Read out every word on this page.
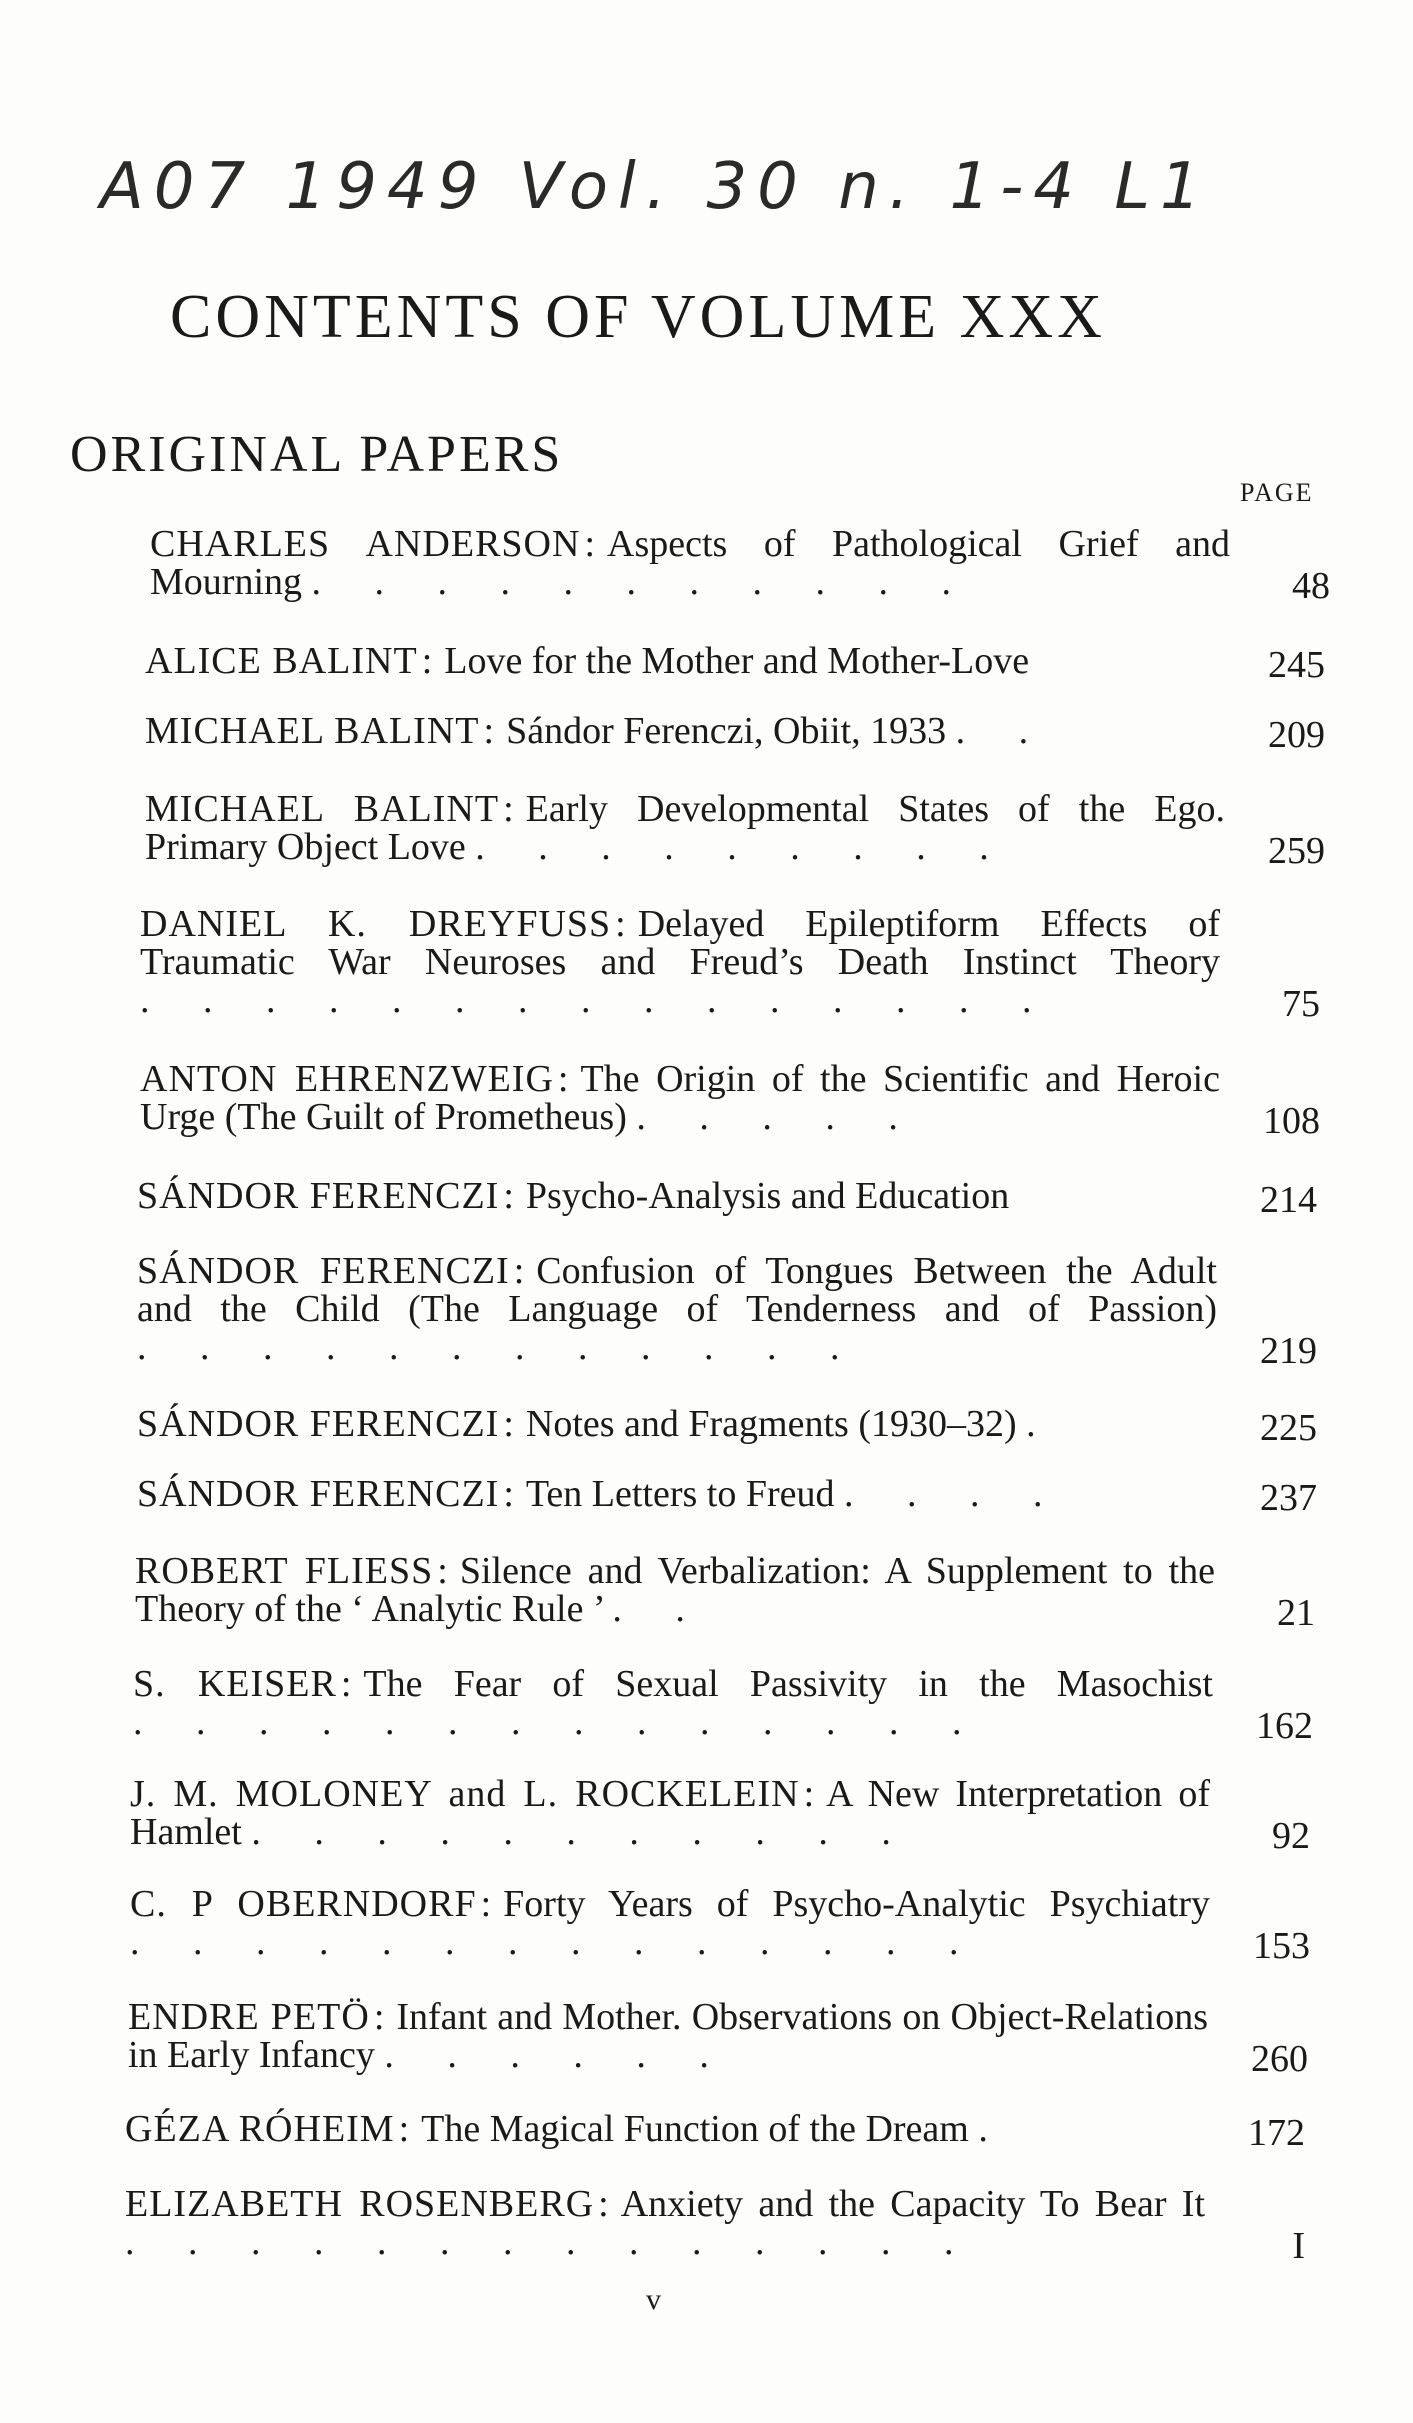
A07 1949 Vol. 30 n. 1-4 L1
CONTENTS OF VOLUME XXX
ORIGINAL PAPERS
PAGE
CHARLES ANDERSON : Aspects of Pathological Grief and Mourning . . . . . . . . . . .	48
ALICE BALINT : Love for the Mother and Mother-Love	245
MICHAEL BALINT : Sándor Ferenczi, Obiit, 1933 . .	209
MICHAEL BALINT : Early Developmental States of the Ego. Primary Object Love . . . . . . . . .	259
DANIEL K. DREYFUSS : Delayed Epileptiform Effects of Traumatic War Neuroses and Freud’s Death Instinct Theory . . . . . . . . . . . . . . .	75
ANTON EHRENZWEIG : The Origin of the Scientific and Heroic Urge (The Guilt of Prometheus) . . . . .	108
SÁNDOR FERENCZI : Psycho-Analysis and Education	214
SÁNDOR FERENCZI : Confusion of Tongues Between the Adult and the Child (The Language of Tenderness and of Passion) . . . . . . . . . . . .	219
SÁNDOR FERENCZI : Notes and Fragments (1930–32) .	225
SÁNDOR FERENCZI : Ten Letters to Freud . . . .	237
ROBERT FLIESS : Silence and Verbalization: A Supplement to the Theory of the ‘ Analytic Rule ’ . .	21
S. KEISER : The Fear of Sexual Passivity in the Masochist . . . . . . . . . . . . . .	162
J. M. MOLONEY and L. ROCKELEIN : A New Interpretation of Hamlet . . . . . . . . . . .	92
C. P OBERNDORF : Forty Years of Psycho-Analytic Psychiatry . . . . . . . . . . . . . .	153
ENDRE PETÖ : Infant and Mother. Observations on Object-Relations in Early Infancy . . . . . .	260
GÉZA RÓHEIM : The Magical Function of the Dream .	172
ELIZABETH ROSENBERG : Anxiety and the Capacity To Bear It . . . . . . . . . . . . . .	I
v
